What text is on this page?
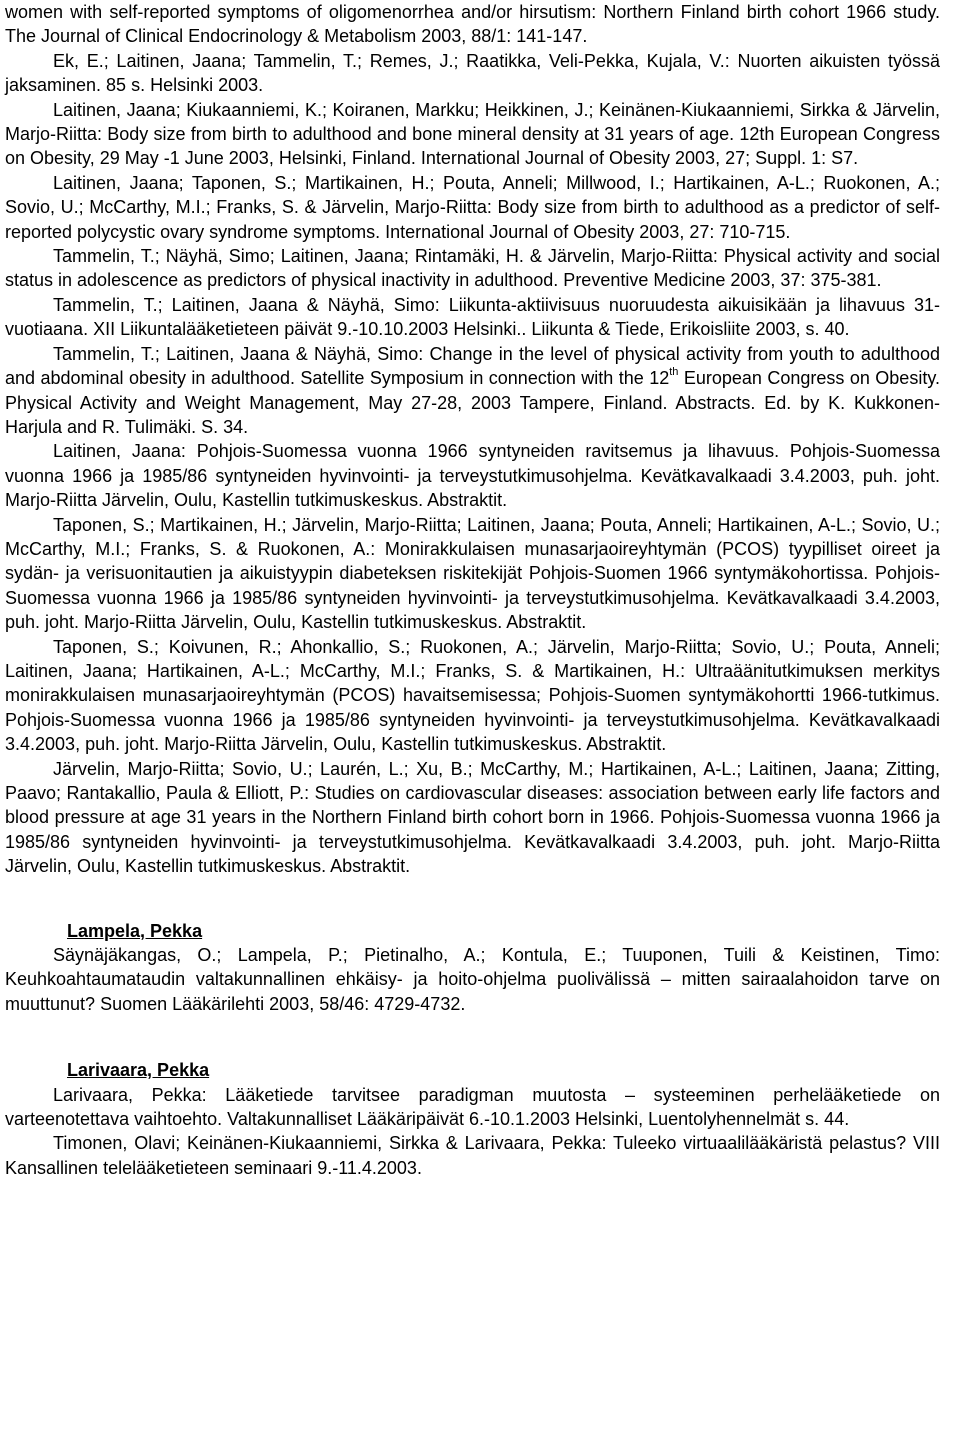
women with self-reported symptoms of oligomenorrhea and/or hirsutism: Northern Finland birth cohort 1966 study. The Journal of Clinical Endocrinology & Metabolism 2003, 88/1: 141-147.

Ek, E.; Laitinen, Jaana; Tammelin, T.; Remes, J.; Raatikka, Veli-Pekka, Kujala, V.: Nuorten aikuisten työssä jaksaminen. 85 s. Helsinki 2003.

Laitinen, Jaana; Kiukaanniemi, K.; Koiranen, Markku; Heikkinen, J.; Keinänen-Kiukaanniemi, Sirkka & Järvelin, Marjo-Riitta: Body size from birth to adulthood and bone mineral density at 31 years of age. 12th European Congress on Obesity, 29 May -1 June 2003, Helsinki, Finland. International Journal of Obesity 2003, 27; Suppl. 1: S7.

Laitinen, Jaana; Taponen, S.; Martikainen, H.; Pouta, Anneli; Millwood, I.; Hartikainen, A-L.; Ruokonen, A.; Sovio, U.; McCarthy, M.I.; Franks, S. & Järvelin, Marjo-Riitta: Body size from birth to adulthood as a predictor of self-reported polycystic ovary syndrome symptoms. International Journal of Obesity 2003, 27: 710-715.

Tammelin, T.; Näyhä, Simo; Laitinen, Jaana; Rintamäki, H. & Järvelin, Marjo-Riitta: Physical activity and social status in adolescence as predictors of physical inactivity in adulthood. Preventive Medicine 2003, 37: 375-381.

Tammelin, T.; Laitinen, Jaana & Näyhä, Simo: Liikunta-aktiivisuus nuoruudesta aikuisikään ja lihavuus 31-vuotiaana. XII Liikuntalääketieteen päivät 9.-10.10.2003 Helsinki.. Liikunta & Tiede, Erikoisliite 2003, s. 40.

Tammelin, T.; Laitinen, Jaana & Näyhä, Simo: Change in the level of physical activity from youth to adulthood and abdominal obesity in adulthood. Satellite Symposium in connection with the 12th European Congress on Obesity. Physical Activity and Weight Management, May 27-28, 2003 Tampere, Finland. Abstracts. Ed. by K. Kukkonen-Harjula and R. Tulimäki. S. 34.

Laitinen, Jaana: Pohjois-Suomessa vuonna 1966 syntyneiden ravitsemus ja lihavuus. Pohjois-Suomessa vuonna 1966 ja 1985/86 syntyneiden hyvinvointi- ja terveystutkimusohjelma. Kevätkavalkaadi 3.4.2003, puh. joht. Marjo-Riitta Järvelin, Oulu, Kastellin tutkimuskeskus. Abstraktit.

Taponen, S.; Martikainen, H.; Järvelin, Marjo-Riitta; Laitinen, Jaana; Pouta, Anneli; Hartikainen, A-L.; Sovio, U.; McCarthy, M.I.; Franks, S. & Ruokonen, A.: Monirakkulaisen munasarjaoireyhtymän (PCOS) tyypilliset oireet ja sydän- ja verisuonitautien ja aikuistyypin diabeteksen riskitekijät Pohjois-Suomen 1966 syntymäkohortissa. Pohjois-Suomessa vuonna 1966 ja 1985/86 syntyneiden hyvinvointi- ja terveystutkimusohjelma. Kevätkavalkaadi 3.4.2003, puh. joht. Marjo-Riitta Järvelin, Oulu, Kastellin tutkimuskeskus. Abstraktit.

Taponen, S.; Koivunen, R.; Ahonkallio, S.; Ruokonen, A.; Järvelin, Marjo-Riitta; Sovio, U.; Pouta, Anneli; Laitinen, Jaana; Hartikainen, A-L.; McCarthy, M.I.; Franks, S. & Martikainen, H.: Ultraäänitutkimuksen merkitys monirakkulaisen munasarjaoireyhtymän (PCOS) havaitsemisessa; Pohjois-Suomen syntymäkohortti 1966-tutkimus. Pohjois-Suomessa vuonna 1966 ja 1985/86 syntyneiden hyvinvointi- ja terveystutkimusohjelma. Kevätkavalkaadi 3.4.2003, puh. joht. Marjo-Riitta Järvelin, Oulu, Kastellin tutkimuskeskus. Abstraktit.

Järvelin, Marjo-Riitta; Sovio, U.; Laurén, L.; Xu, B.; McCarthy, M.; Hartikainen, A-L.; Laitinen, Jaana; Zitting, Paavo; Rantakallio, Paula & Elliott, P.: Studies on cardiovascular diseases: association between early life factors and blood pressure at age 31 years in the Northern Finland birth cohort born in 1966. Pohjois-Suomessa vuonna 1966 ja 1985/86 syntyneiden hyvinvointi- ja terveystutkimusohjelma. Kevätkavalkaadi 3.4.2003, puh. joht. Marjo-Riitta Järvelin, Oulu, Kastellin tutkimuskeskus. Abstraktit.

Lampela, Pekka

Säynäjäkangas, O.; Lampela, P.; Pietinalho, A.; Kontula, E.; Tuuponen, Tuili & Keistinen, Timo: Keuhkoahtaumataudin valtakunnallinen ehkäisy- ja hoito-ohjelma puolivälissä – mitten sairaalahoidon tarve on muuttunut? Suomen Lääkärilehti 2003, 58/46: 4729-4732.

Larivaara, Pekka

Larivaara, Pekka: Lääketiede tarvitsee paradigman muutosta – systeeminen perhelääketiede on varteenotettava vaihtoehto. Valtakunnalliset Lääkäripäivät 6.-10.1.2003 Helsinki, Luentolyhennelmät s. 44.

Timonen, Olavi; Keinänen-Kiukaanniemi, Sirkka & Larivaara, Pekka: Tuleeko virtuaalilääkäristä pelastus? VIII Kansallinen telelääketieteen seminaari 9.-11.4.2003.
